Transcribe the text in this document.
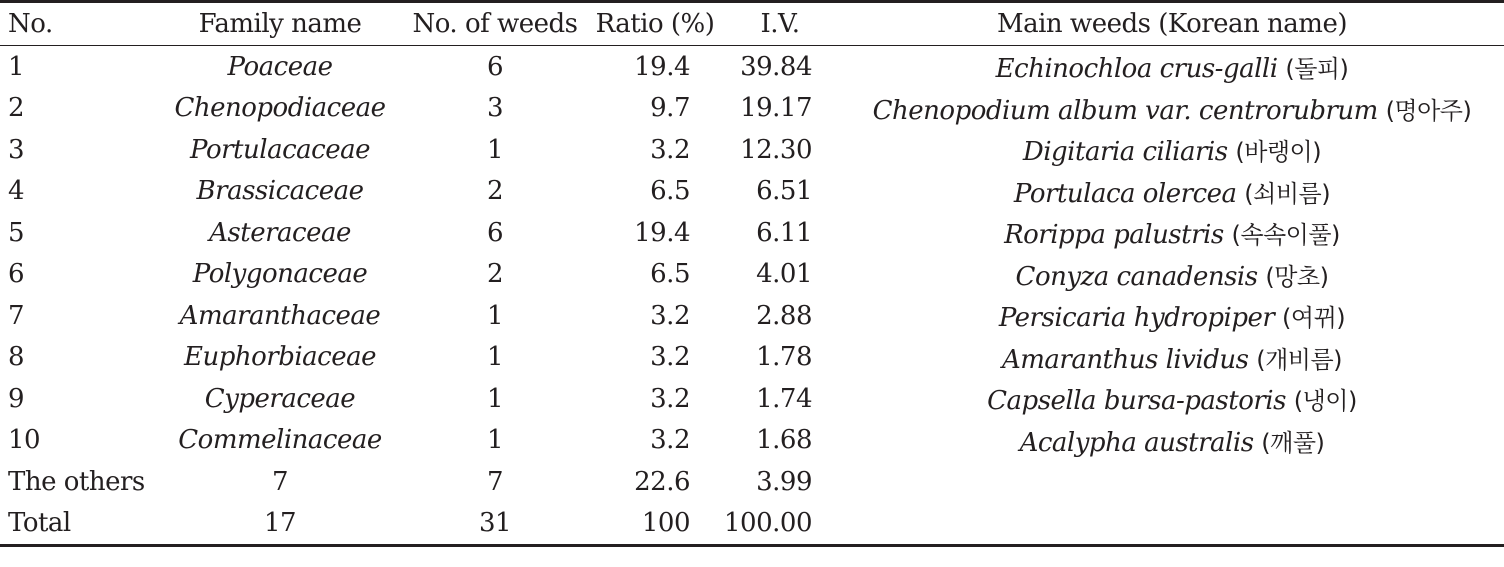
No.	Family name	No. of weeds	Ratio (%)	I.V.	Main weeds (Korean name)
1	Poaceae	6	19.4	39.84	Echinochloa crus-galli (돌피)
2	Chenopodiaceae	3	9.7	19.17	Chenopodium album var. centrorubrum (명아주)
3	Portulacaceae	1	3.2	12.30	Digitaria ciliaris (바랭이)
4	Brassicaceae	2	6.5	6.51	Portulaca olercea (쇠비름)
5	Asteraceae	6	19.4	6.11	Rorippa palustris (속속이풀)
6	Polygonaceae	2	6.5	4.01	Conyza canadensis (망초)
7	Amaranthaceae	1	3.2	2.88	Persicaria hydropiper (여뀌)
8	Euphorbiaceae	1	3.2	1.78	Amaranthus lividus (개비름)
9	Cyperaceae	1	3.2	1.74	Capsella bursa-pastoris (냉이)
10	Commelinaceae	1	3.2	1.68	Acalypha australis (깨풀)
The others	7	7	22.6	3.99	
Total	17	31	100	100.00	
